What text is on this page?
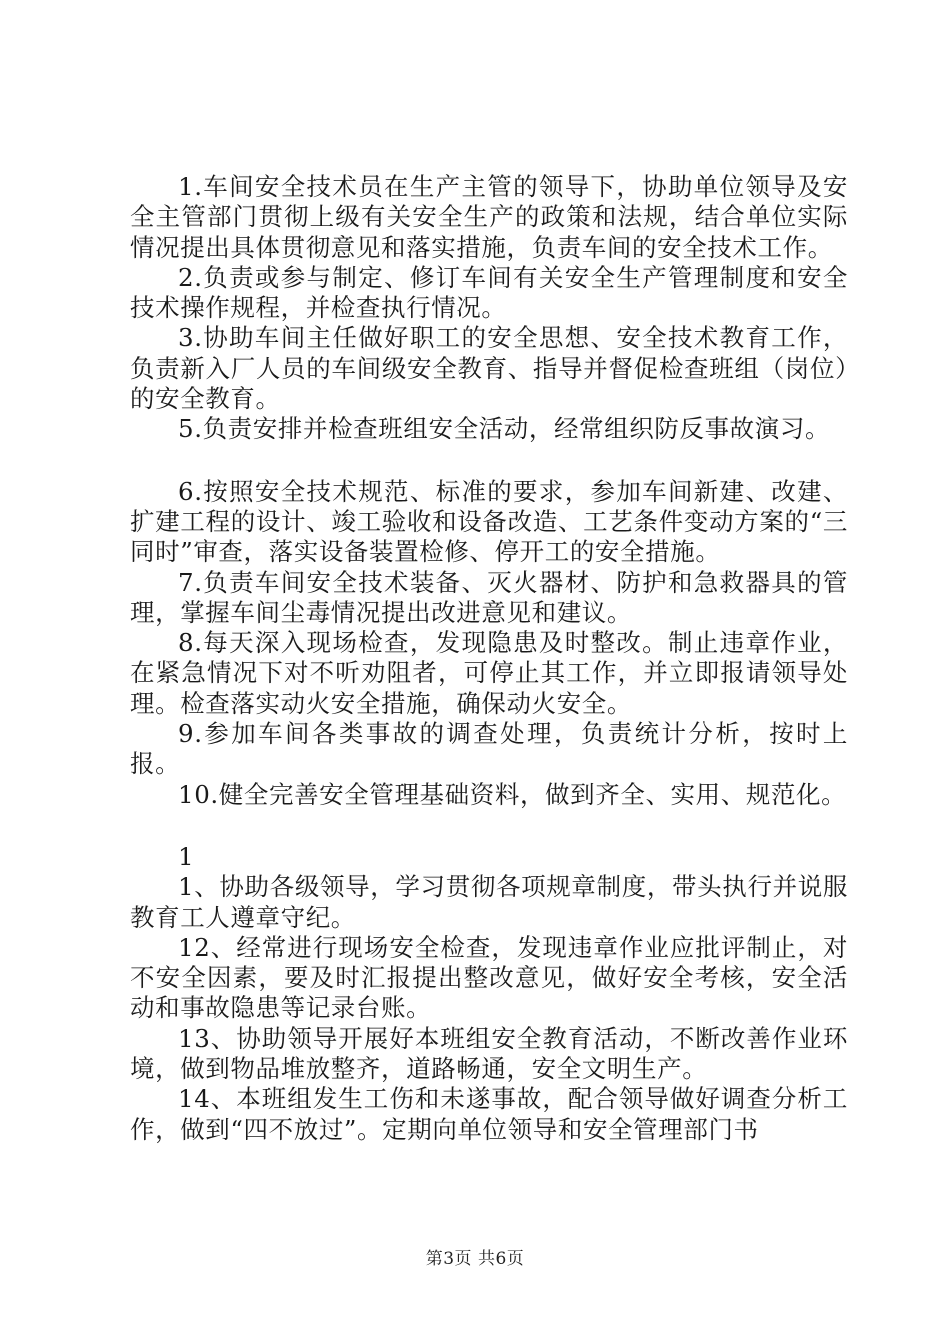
1.车间安全技术员在生产主管的领导下，协助单位领导及安全主管部门贯彻上级有关安全生产的政策和法规，结合单位实际情况提出具体贯彻意见和落实措施，负责车间的安全技术工作。

2.负责或参与制定、修订车间有关安全生产管理制度和安全技术操作规程，并检查执行情况。

3.协助车间主任做好职工的安全思想、安全技术教育工作，负责新入厂人员的车间级安全教育、指导并督促检查班组（岗位）的安全教育。

5.负责安排并检查班组安全活动，经常组织防反事故演习。

6.按照安全技术规范、标准的要求，参加车间新建、改建、扩建工程的设计、竣工验收和设备改造、工艺条件变动方案的“三同时”审查，落实设备装置检修、停开工的安全措施。

7.负责车间安全技术装备、灭火器材、防护和急救器具的管理，掌握车间尘毒情况提出改进意见和建议。

8.每天深入现场检查，发现隐患及时整改。制止违章作业，在紧急情况下对不听劝阻者，可停止其工作，并立即报请领导处理。检查落实动火安全措施，确保动火安全。

9.参加车间各类事故的调查处理，负责统计分析，按时上报。

10.健全完善安全管理基础资料，做到齐全、实用、规范化。

1

1、协助各级领导，学习贯彻各项规章制度，带头执行并说服教育工人遵章守纪。

12、经常进行现场安全检查，发现违章作业应批评制止，对不安全因素，要及时汇报提出整改意见，做好安全考核，安全活动和事故隐患等记录台账。

13、协助领导开展好本班组安全教育活动，不断改善作业环境，做到物品堆放整齐，道路畅通，安全文明生产。

14、本班组发生工伤和未遂事故，配合领导做好调查分析工作，做到“四不放过”。定期向单位领导和安全管理部门书

第3页 共6页
